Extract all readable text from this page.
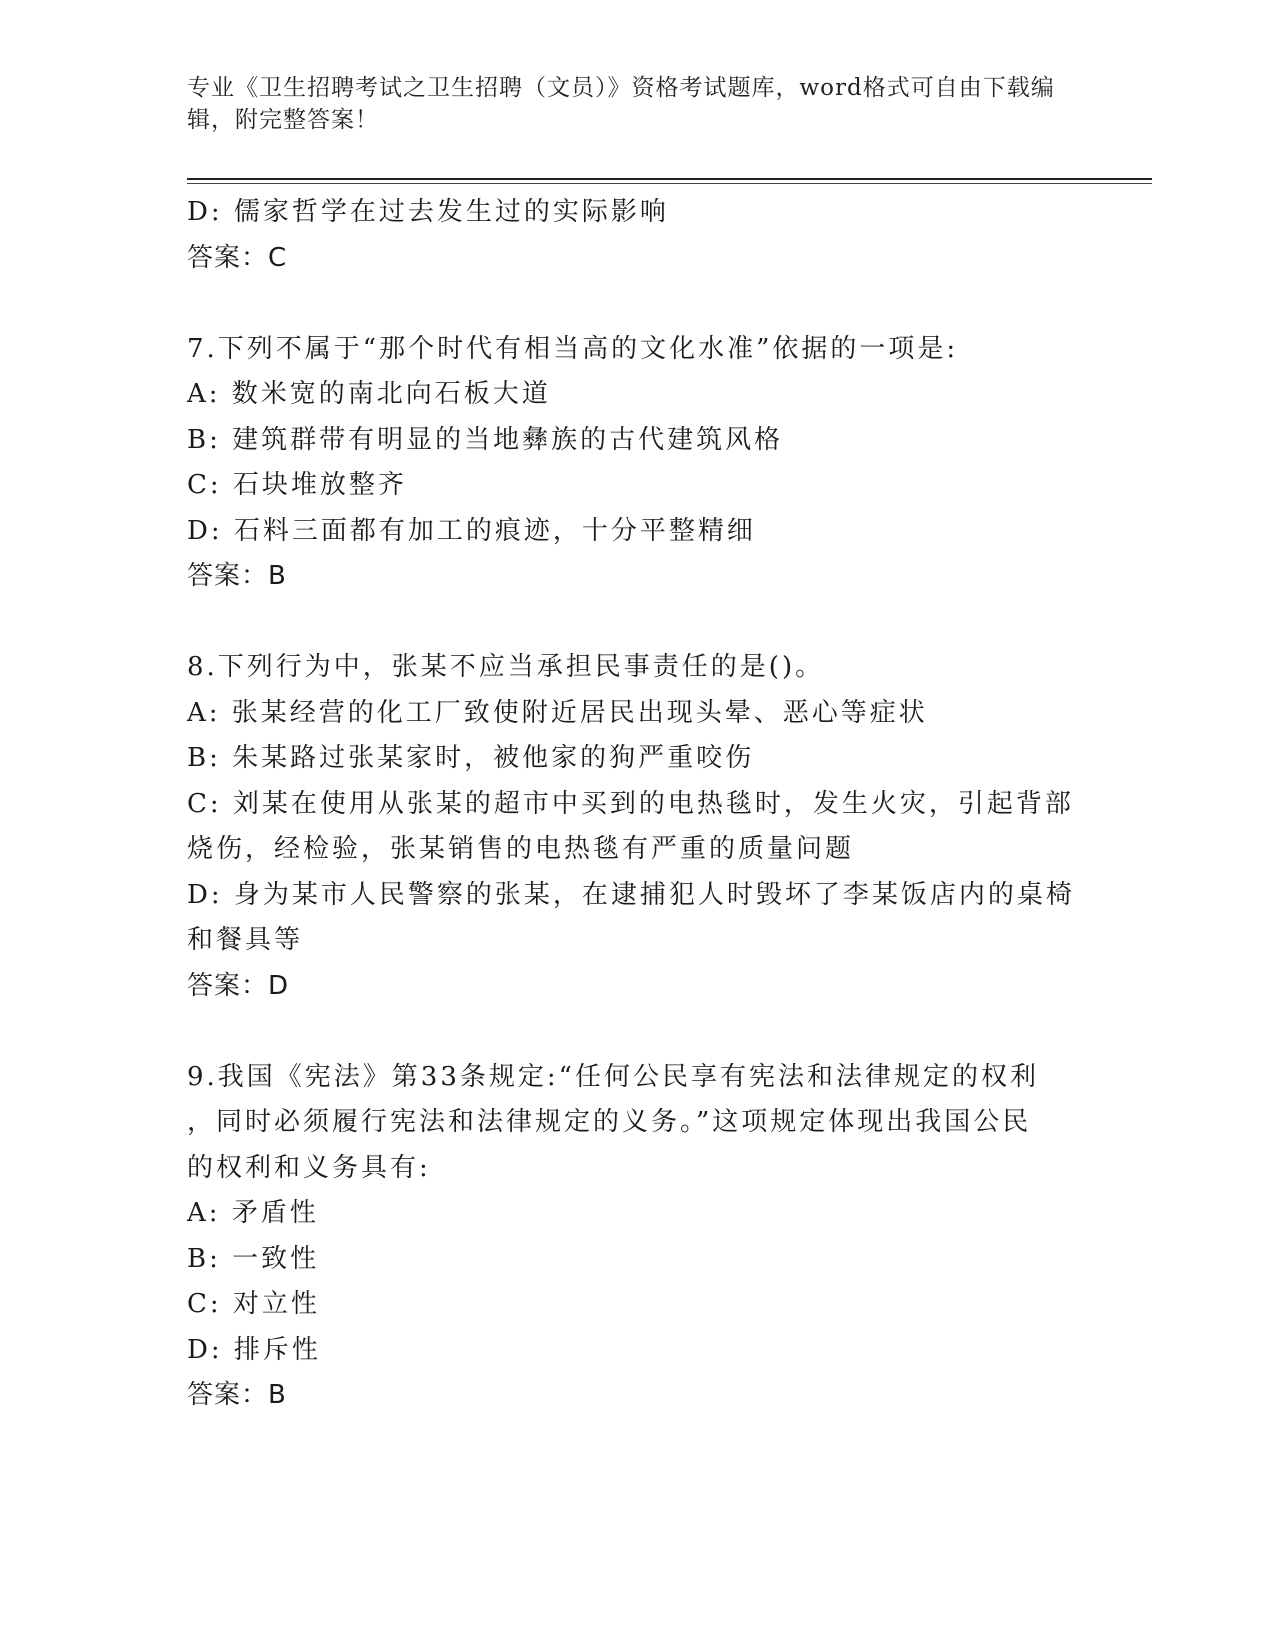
专业《卫生招聘考试之卫生招聘（文员）》资格考试题库，word格式可自由下载编辑，附完整答案！
D: 儒家哲学在过去发生过的实际影响
答案：C
7.下列不属于“那个时代有相当高的文化水准”依据的一项是:
A: 数米宽的南北向石板大道
B: 建筑群带有明显的当地彝族的古代建筑风格
C: 石块堆放整齐
D: 石料三面都有加工的痕迹，十分平整精细
答案：B
8.下列行为中，张某不应当承担民事责任的是()。
A: 张某经营的化工厂致使附近居民出现头晕、恶心等症状
B: 朱某路过张某家时，被他家的狗严重咬伤
C: 刘某在使用从张某的超市中买到的电热毯时，发生火灾，引起背部
烧伤，经检验，张某销售的电热毯有严重的质量问题
D: 身为某市人民警察的张某，在逮捕犯人时毁坏了李某饭店内的桌椅
和餐具等
答案：D
9.我国《宪法》第33条规定:“任何公民享有宪法和法律规定的权利
，同时必须履行宪法和法律规定的义务。”这项规定体现出我国公民
的权利和义务具有:
A: 矛盾性
B: 一致性
C: 对立性
D: 排斥性
答案：B
